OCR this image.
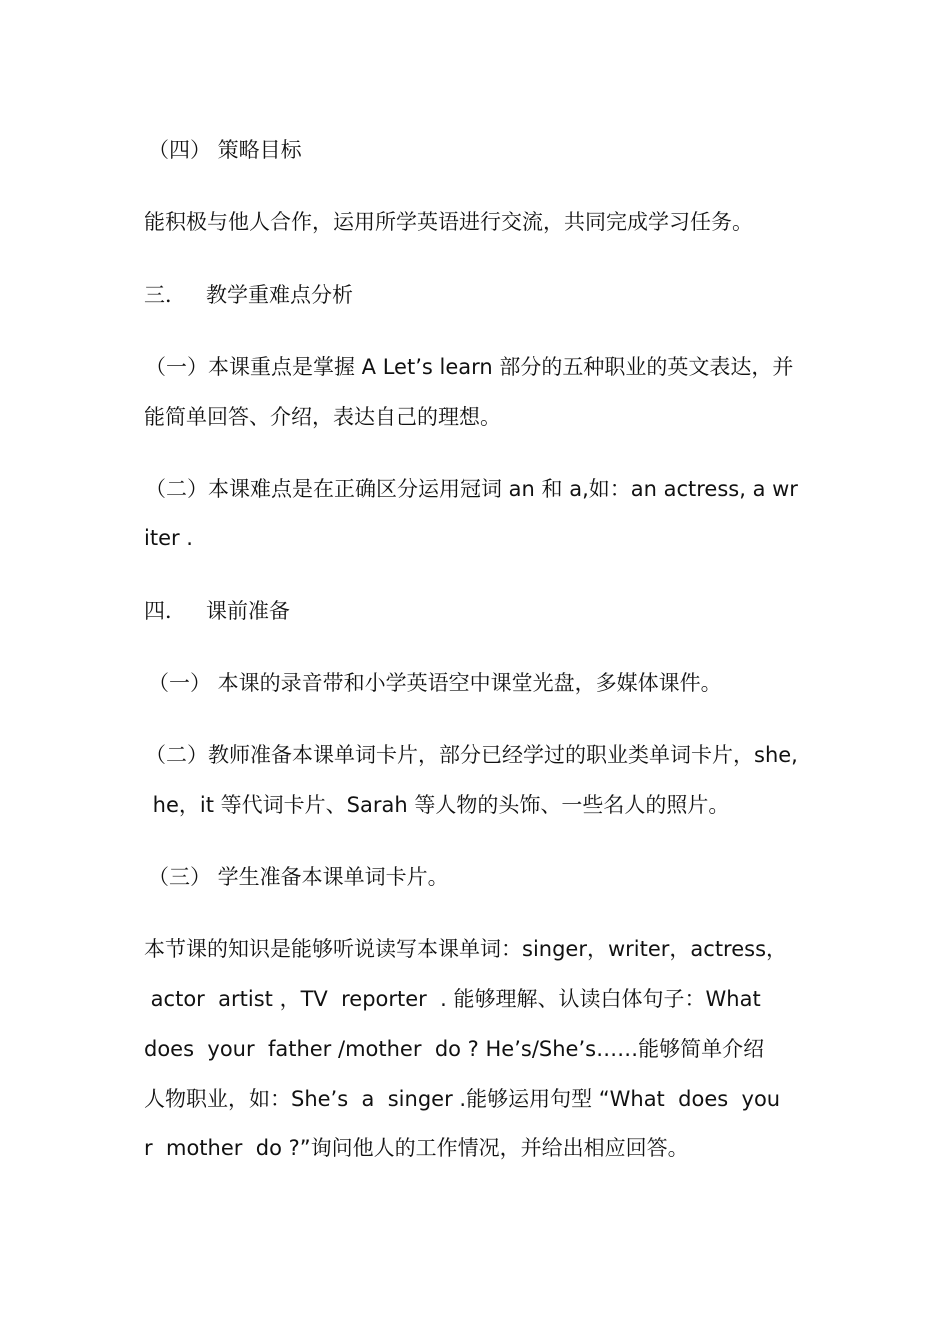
（四） 策略目标
能积极与他人合作，运用所学英语进行交流，共同完成学习任务。
三．   教学重难点分析
（一）本课重点是掌握 A Let’s learn 部分的五种职业的英文表达，并
能简单回答、介绍，表达自己的理想。
（二）本课难点是在正确区分运用冠词 an 和 a,如：an actress, a wr
iter .
四．   课前准备
（一） 本课的录音带和小学英语空中课堂光盘，多媒体课件。
（二）教师准备本课单词卡片，部分已经学过的职业类单词卡片，she,
he，it 等代词卡片、Sarah 等人物的头饰、一些名人的照片。
（三） 学生准备本课单词卡片。
本节课的知识是能够听说读写本课单词：singer，writer，actress，
actor  artist ，TV  reporter  . 能够理解、认读白体句子：What
does  your  father /mother  do ? He’s/She’s……能够简单介绍
人物职业，如：She’s  a  singer .能够运用句型 “What  does  you
r  mother  do ?”询问他人的工作情况，并给出相应回答。
